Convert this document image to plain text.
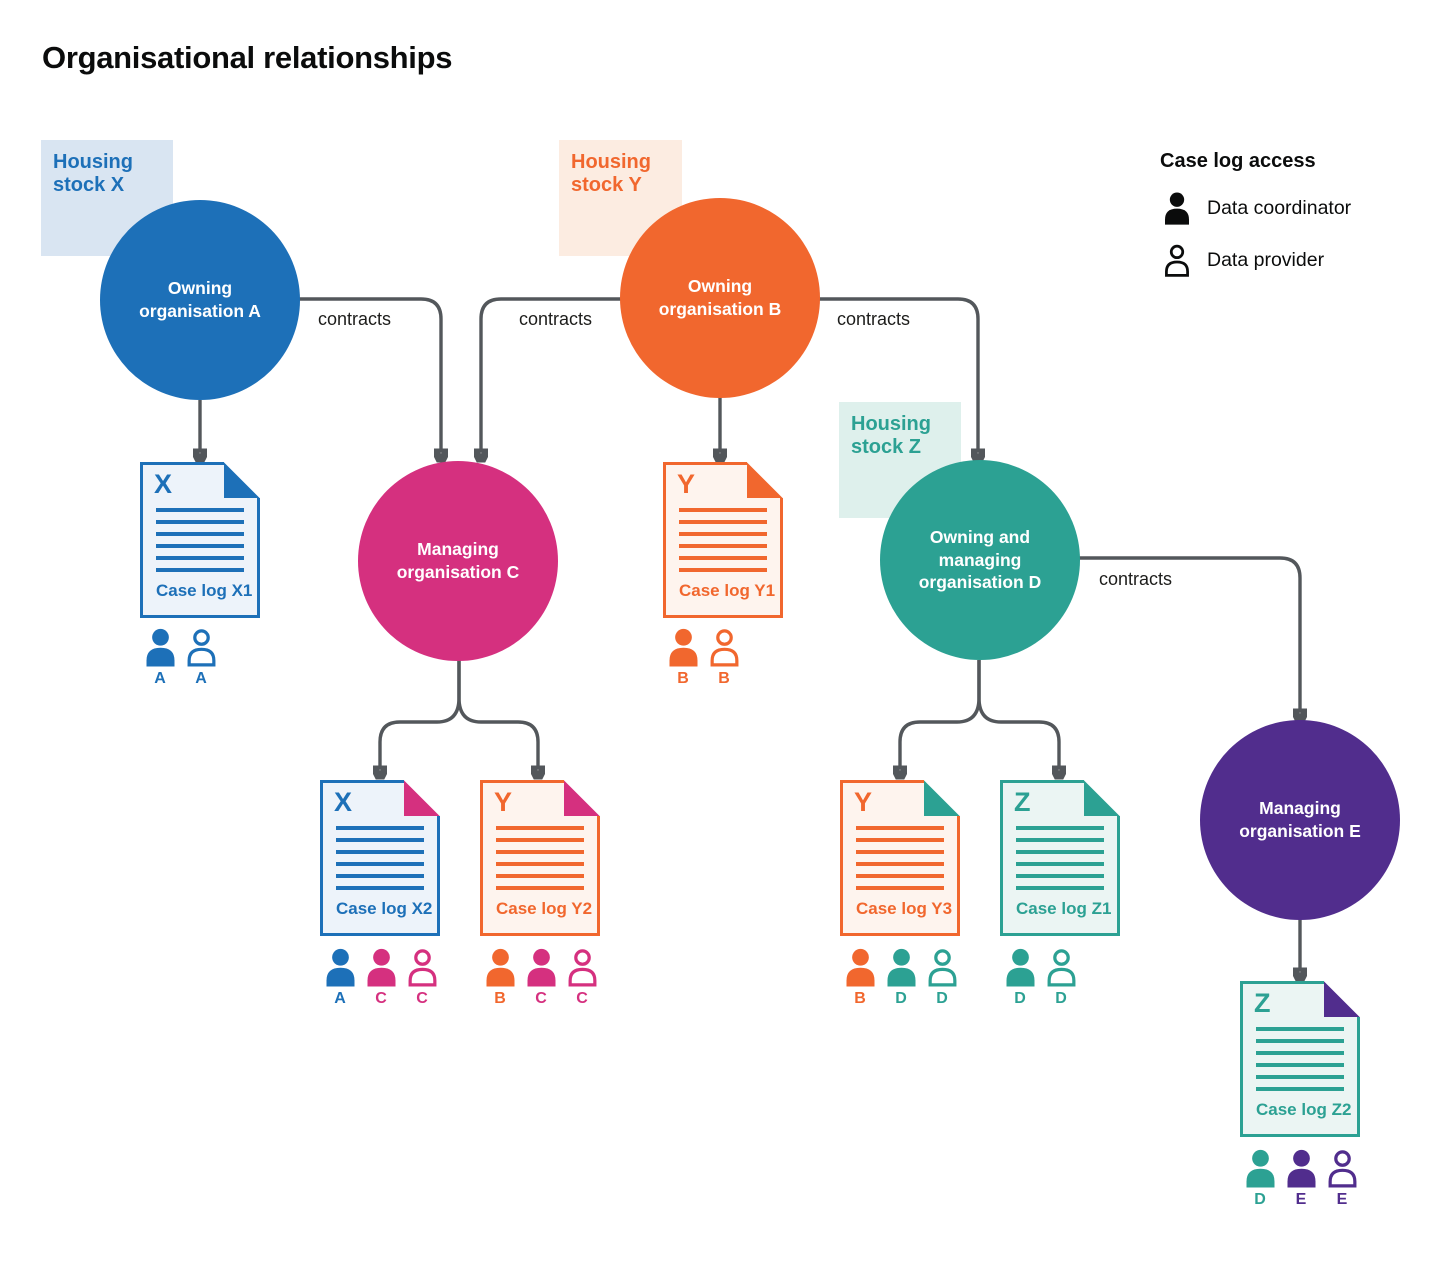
Organisational relationships
Housing stock X
Housing stock Y
Housing stock Z
Owning organisation A
Owning organisation B
Managing organisation C
Owning and managing organisation D
Managing organisation E
contracts	contracts	contracts
contracts
X
Case log X1
Y
Case log Y1
X
Case log X2
Y
Case log Y2
Y
Case log Y3
Z
Case log Z1
Z
Case log Z2
A A	B B
A C C	B C C	B D D	D D
D E E
Case log access
Data coordinator
Data provider
